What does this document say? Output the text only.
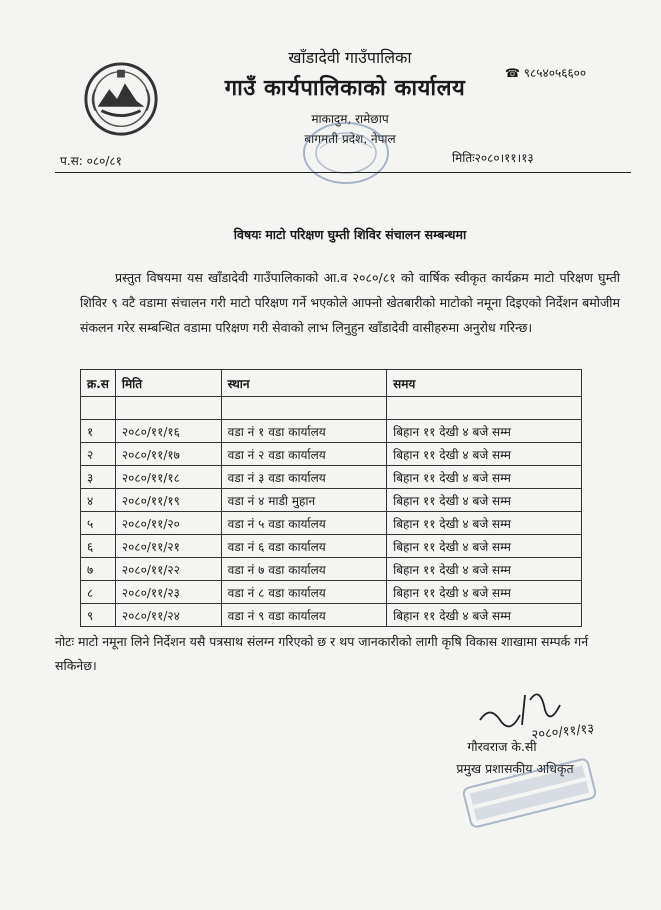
खाँडादेवी गाउँपालिका
गाउँ कार्यपालिकाको कार्यालय
माकादुम, रामेछाप
बागमती प्रदेश, नेपाल
☎ ९८५४०५६६००
प.स: ०८०/८१	मितिः२०८०।११।१३
विषयः माटो परिक्षण घुम्ती शिविर संचालन सम्बन्धमा
प्रस्तुत विषयमा यस खाँडादेवी गाउँपालिकाको आ.व २०८०/८१ को वार्षिक स्वीकृत कार्यक्रम माटो परिक्षण घुम्ती शिविर ९ वटै वडामा संचालन गरी माटो परिक्षण गर्ने भएकोले आफ्नो खेतबारीको माटोको नमूना दिइएको निर्देशन बमोजीम संकलन गरेर सम्बन्धित वडामा परिक्षण गरी सेवाको लाभ लिनुहुन खाँडादेवी वासीहरुमा अनुरोध गरिन्छ।
क्र.स	मिति	स्थान	समय

१	२०८०/११/१६	वडा नं १ वडा कार्यालय	बिहान ११ देखी ४ बजे सम्म
२	२०८०/११/१७	वडा नं २ वडा कार्यालय	बिहान ११ देखी ४ बजे सम्म
३	२०८०/११/१८	वडा नं ३ वडा कार्यालय	बिहान ११ देखी ४ बजे सम्म
४	२०८०/११/१९	वडा नं ४ माडी मुहान	बिहान ११ देखी ४ बजे सम्म
५	२०८०/११/२०	वडा नं ५ वडा कार्यालय	बिहान ११ देखी ४ बजे सम्म
६	२०८०/११/२१	वडा नं ६ वडा कार्यालय	बिहान ११ देखी ४ बजे सम्म
७	२०८०/११/२२	वडा नं ७ वडा कार्यालय	बिहान ११ देखी ४ बजे सम्म
८	२०८०/११/२३	वडा नं ८ वडा कार्यालय	बिहान ११ देखी ४ बजे सम्म
९	२०८०/११/२४	वडा नं ९ वडा कार्यालय	बिहान ११ देखी ४ बजे सम्म
नोटः माटो नमूना लिने निर्देशन यसै पत्रसाथ संलग्न गरिएको छ र थप जानकारीको लागी कृषि विकास शाखामा सम्पर्क गर्न सकिनेछ।
२०८०/११/१३
गौरवराज के.सी
प्रमुख प्रशासकीय अधिकृत
